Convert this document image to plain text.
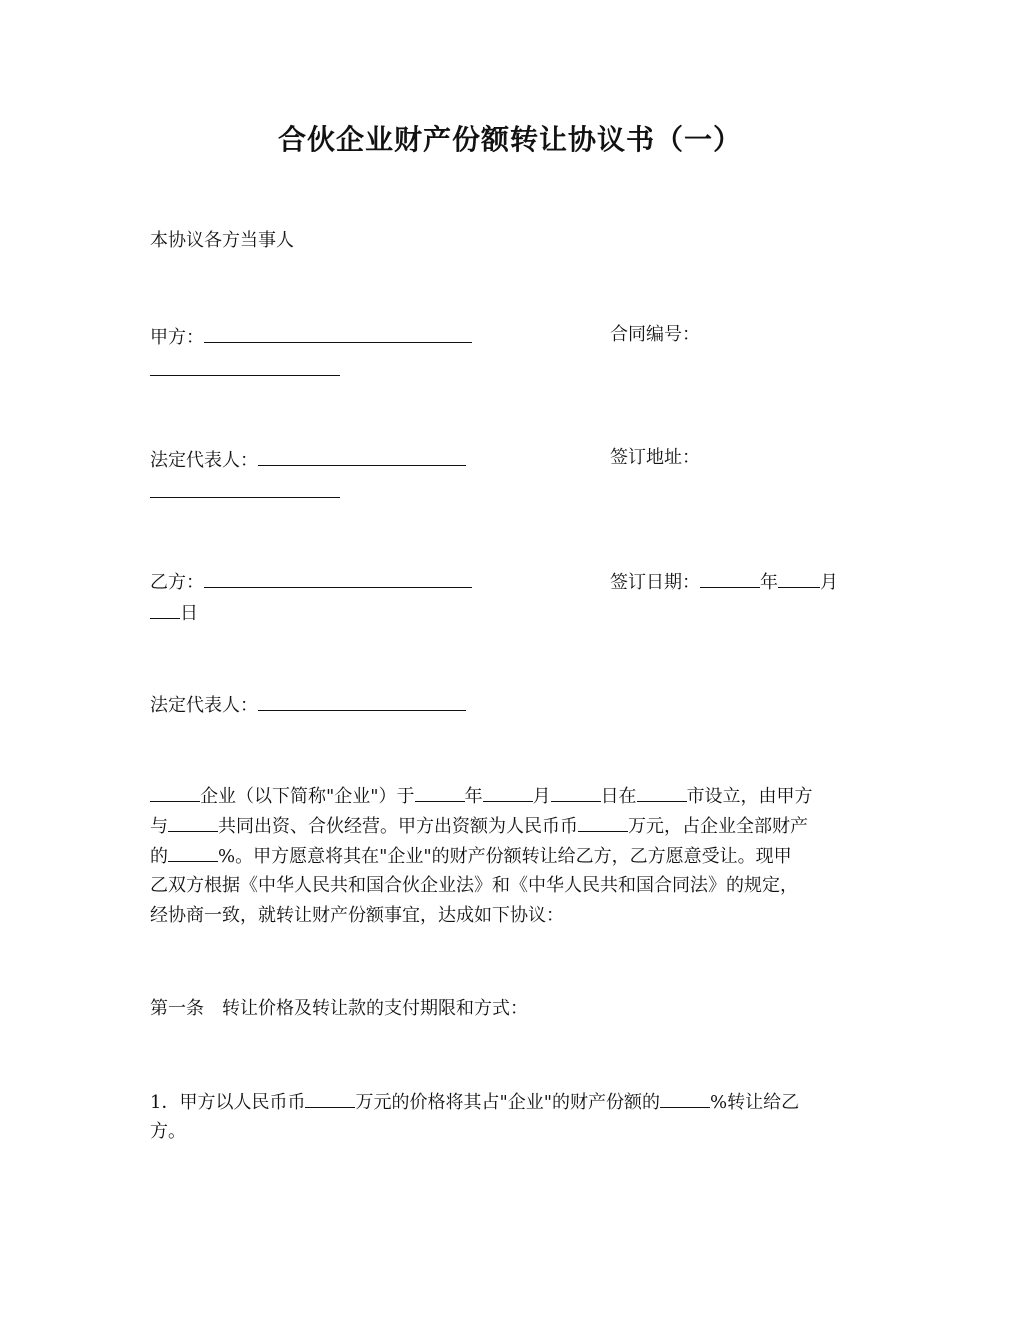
合伙企业财产份额转让协议书（一）
本协议各方当事人
甲方：	合同编号：
法定代表人：	签订地址：
乙方：	签订日期：	年 月
日
法定代表人：
企业（以下简称"企业"）于	年	月	日在	市设立，由甲方
与	共同出资、合伙经营。甲方出资额为人民币币	万元，占企业全部财产
的	%。甲方愿意将其在"企业"的财产份额转让给乙方，乙方愿意受让。现甲
乙双方根据《中华人民共和国合伙企业法》和《中华人民共和国合同法》的规定，
经协商一致，就转让财产份额事宜，达成如下协议：
第一条　转让价格及转让款的支付期限和方式：
1．甲方以人民币币	万元的价格将其占"企业"的财产份额的	%转让给乙
方。
